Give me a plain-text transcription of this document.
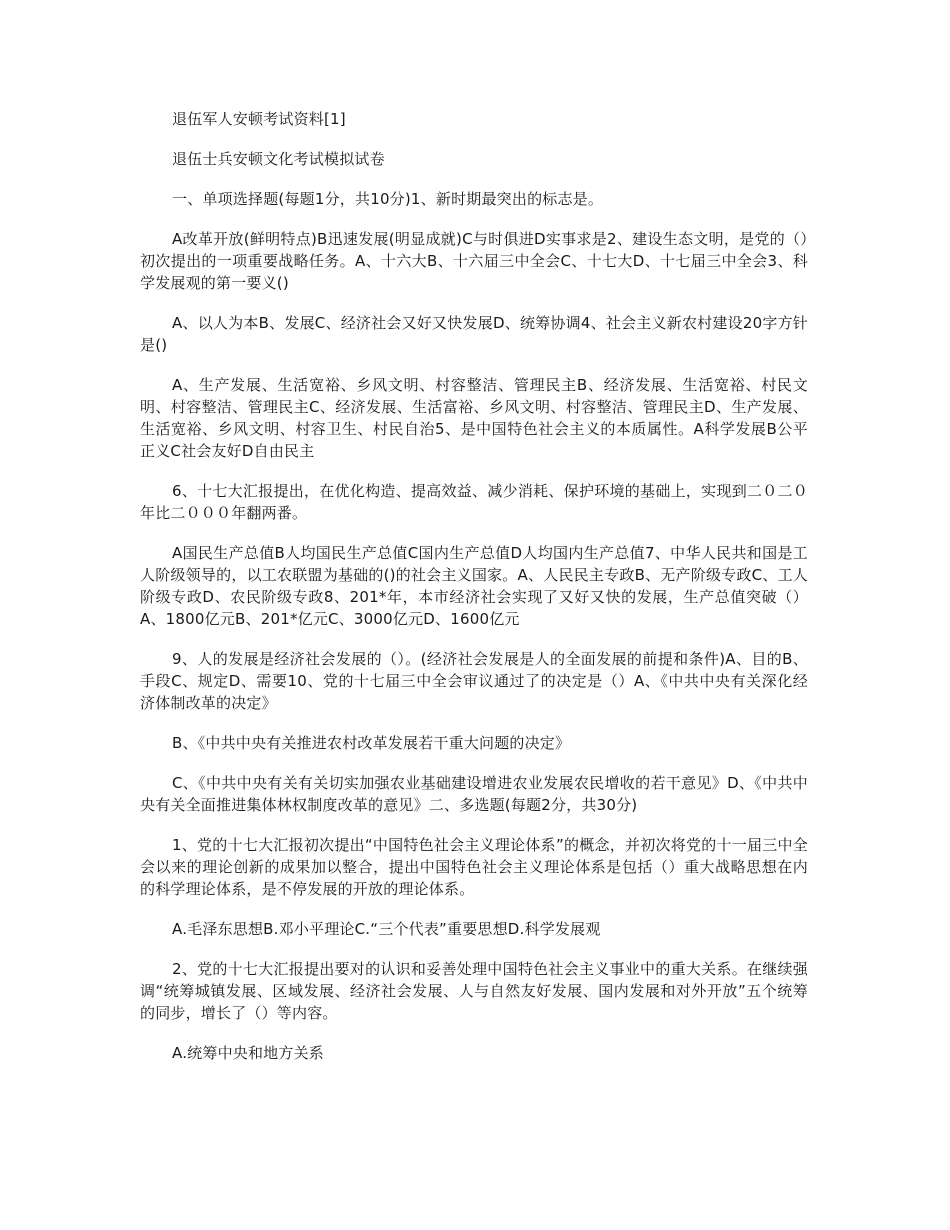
退伍军人安顿考试资料[1]

退伍士兵安顿文化考试模拟试卷

一、单项选择题(每题1分，共10分)1、新时期最突出的标志是。

A改革开放(鲜明特点)B迅速发展(明显成就)C与时俱进D实事求是2、建设生态文明，是党的（）初次提出的一项重要战略任务。A、十六大B、十六届三中全会C、十七大D、十七届三中全会3、科学发展观的第一要义()

A、以人为本B、发展C、经济社会又好又快发展D、统筹协调4、社会主义新农村建设20字方针是()

A、生产发展、生活宽裕、乡风文明、村容整洁、管理民主B、经济发展、生活宽裕、村民文明、村容整洁、管理民主C、经济发展、生活富裕、乡风文明、村容整洁、管理民主D、生产发展、生活宽裕、乡风文明、村容卫生、村民自治5、是中国特色社会主义的本质属性。A科学发展B公平正义C社会友好D自由民主

6、十七大汇报提出，在优化构造、提高效益、减少消耗、保护环境的基础上，实现到二０二０年比二０００年翻两番。

A国民生产总值B人均国民生产总值C国内生产总值D人均国内生产总值7、中华人民共和国是工人阶级领导的，以工农联盟为基础的()的社会主义国家。A、人民民主专政B、无产阶级专政C、工人阶级专政D、农民阶级专政8、201*年，本市经济社会实现了又好又快的发展，生产总值突破（）A、1800亿元B、201*亿元C、3000亿元D、1600亿元

9、人的发展是经济社会发展的（）。(经济社会发展是人的全面发展的前提和条件)A、目的B、手段C、规定D、需要10、党的十七届三中全会审议通过了的决定是（）A、《中共中央有关深化经济体制改革的决定》

B、《中共中央有关推进农村改革发展若干重大问题的决定》

C、《中共中央有关有关切实加强农业基础建设增进农业发展农民增收的若干意见》D、《中共中央有关全面推进集体林权制度改革的意见》二、多选题(每题2分，共30分)

1、党的十七大汇报初次提出“中国特色社会主义理论体系”的概念，并初次将党的十一届三中全会以来的理论创新的成果加以整合，提出中国特色社会主义理论体系是包括（）重大战略思想在内的科学理论体系，是不停发展的开放的理论体系。

A.毛泽东思想B.邓小平理论C.“三个代表”重要思想D.科学发展观

2、党的十七大汇报提出要对的认识和妥善处理中国特色社会主义事业中的重大关系。在继续强调“统筹城镇发展、区域发展、经济社会发展、人与自然友好发展、国内发展和对外开放”五个统筹的同步，增长了（）等内容。

A.统筹中央和地方关系
